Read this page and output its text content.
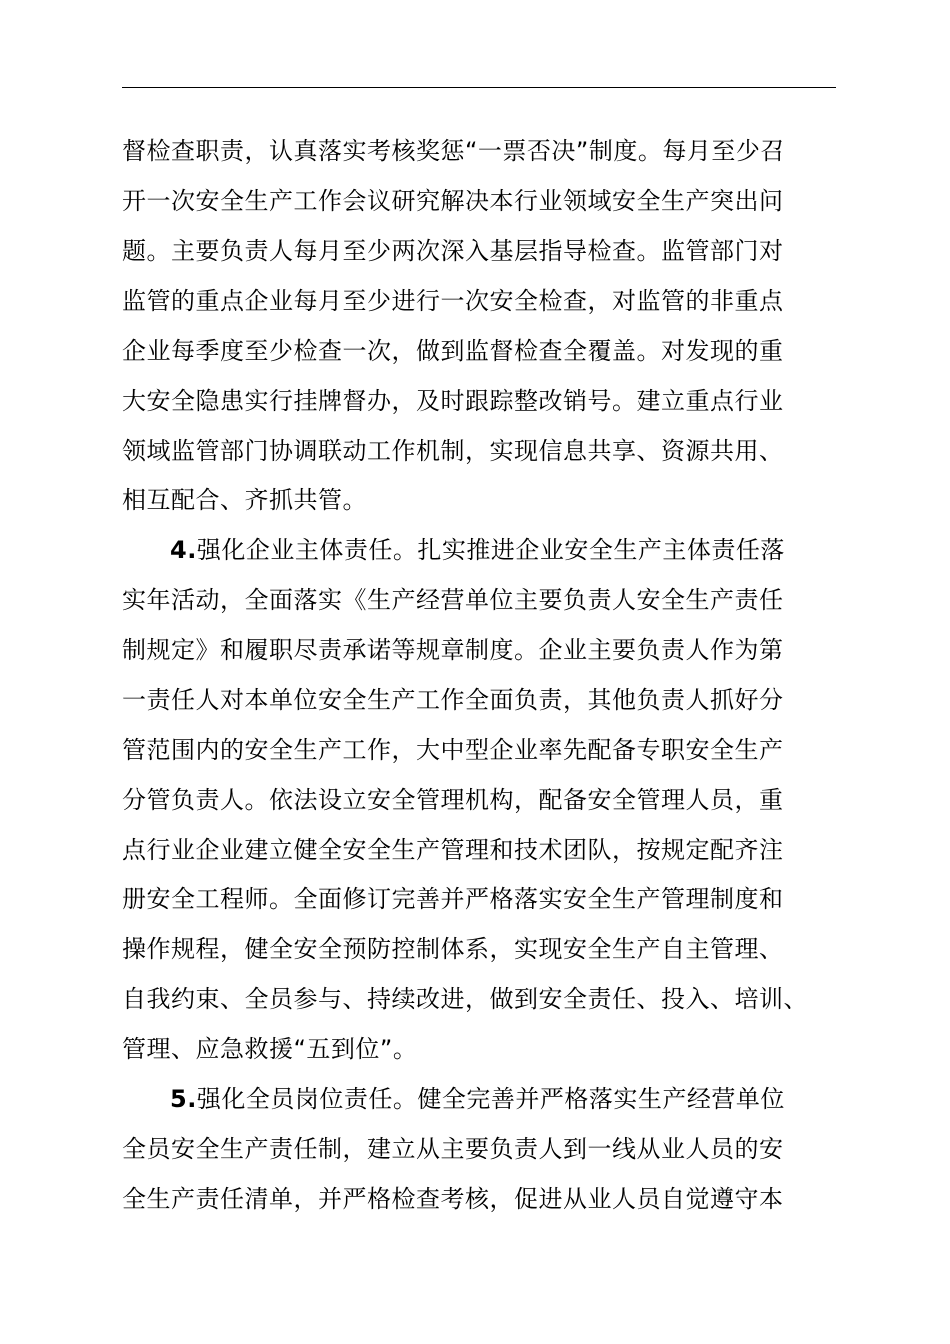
督检查职责，认真落实考核奖惩“一票否决”制度。每月至少召
开一次安全生产工作会议研究解决本行业领域安全生产突出问
题。主要负责人每月至少两次深入基层指导检查。监管部门对
监管的重点企业每月至少进行一次安全检查，对监管的非重点
企业每季度至少检查一次，做到监督检查全覆盖。对发现的重
大安全隐患实行挂牌督办，及时跟踪整改销号。建立重点行业
领域监管部门协调联动工作机制，实现信息共享、资源共用、
相互配合、齐抓共管。
4.强化企业主体责任。扎实推进企业安全生产主体责任落
实年活动，全面落实《生产经营单位主要负责人安全生产责任
制规定》和履职尽责承诺等规章制度。企业主要负责人作为第
一责任人对本单位安全生产工作全面负责，其他负责人抓好分
管范围内的安全生产工作，大中型企业率先配备专职安全生产
分管负责人。依法设立安全管理机构，配备安全管理人员，重
点行业企业建立健全安全生产管理和技术团队，按规定配齐注
册安全工程师。全面修订完善并严格落实安全生产管理制度和
操作规程，健全安全预防控制体系，实现安全生产自主管理、
自我约束、全员参与、持续改进，做到安全责任、投入、培训、
管理、应急救援“五到位”。
5.强化全员岗位责任。健全完善并严格落实生产经营单位
全员安全生产责任制，建立从主要负责人到一线从业人员的安
全生产责任清单，并严格检查考核，促进从业人员自觉遵守本
